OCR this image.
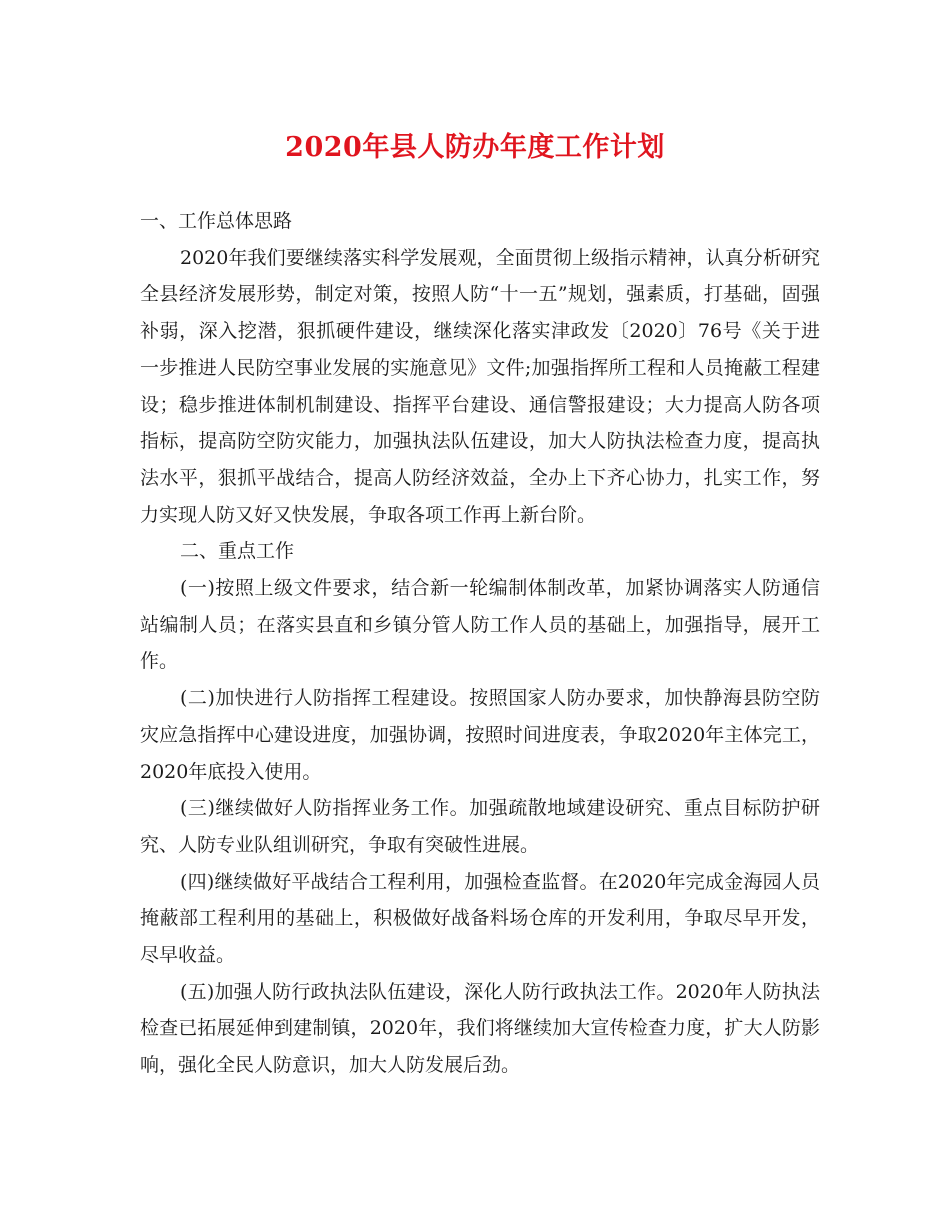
2020年县人防办年度工作计划

一、工作总体思路

2020年我们要继续落实科学发展观，全面贯彻上级指示精神，认真分析研究全县经济发展形势，制定对策，按照人防“十一五”规划，强素质，打基础，固强补弱，深入挖潜，狠抓硬件建设，继续深化落实津政发〔2020〕76号《关于进一步推进人民防空事业发展的实施意见》文件;加强指挥所工程和人员掩蔽工程建设；稳步推进体制机制建设、指挥平台建设、通信警报建设；大力提高人防各项指标，提高防空防灾能力，加强执法队伍建设，加大人防执法检查力度，提高执法水平，狠抓平战结合，提高人防经济效益，全办上下齐心协力，扎实工作，努力实现人防又好又快发展，争取各项工作再上新台阶。

二、重点工作

(一)按照上级文件要求，结合新一轮编制体制改革，加紧协调落实人防通信站编制人员；在落实县直和乡镇分管人防工作人员的基础上，加强指导，展开工作。

(二)加快进行人防指挥工程建设。按照国家人防办要求，加快静海县防空防灾应急指挥中心建设进度，加强协调，按照时间进度表，争取2020年主体完工，2020年底投入使用。

(三)继续做好人防指挥业务工作。加强疏散地域建设研究、重点目标防护研究、人防专业队组训研究，争取有突破性进展。

(四)继续做好平战结合工程利用，加强检查监督。在2020年完成金海园人员掩蔽部工程利用的基础上，积极做好战备料场仓库的开发利用，争取尽早开发，尽早收益。

(五)加强人防行政执法队伍建设，深化人防行政执法工作。2020年人防执法检查已拓展延伸到建制镇，2020年，我们将继续加大宣传检查力度，扩大人防影响，强化全民人防意识，加大人防发展后劲。
